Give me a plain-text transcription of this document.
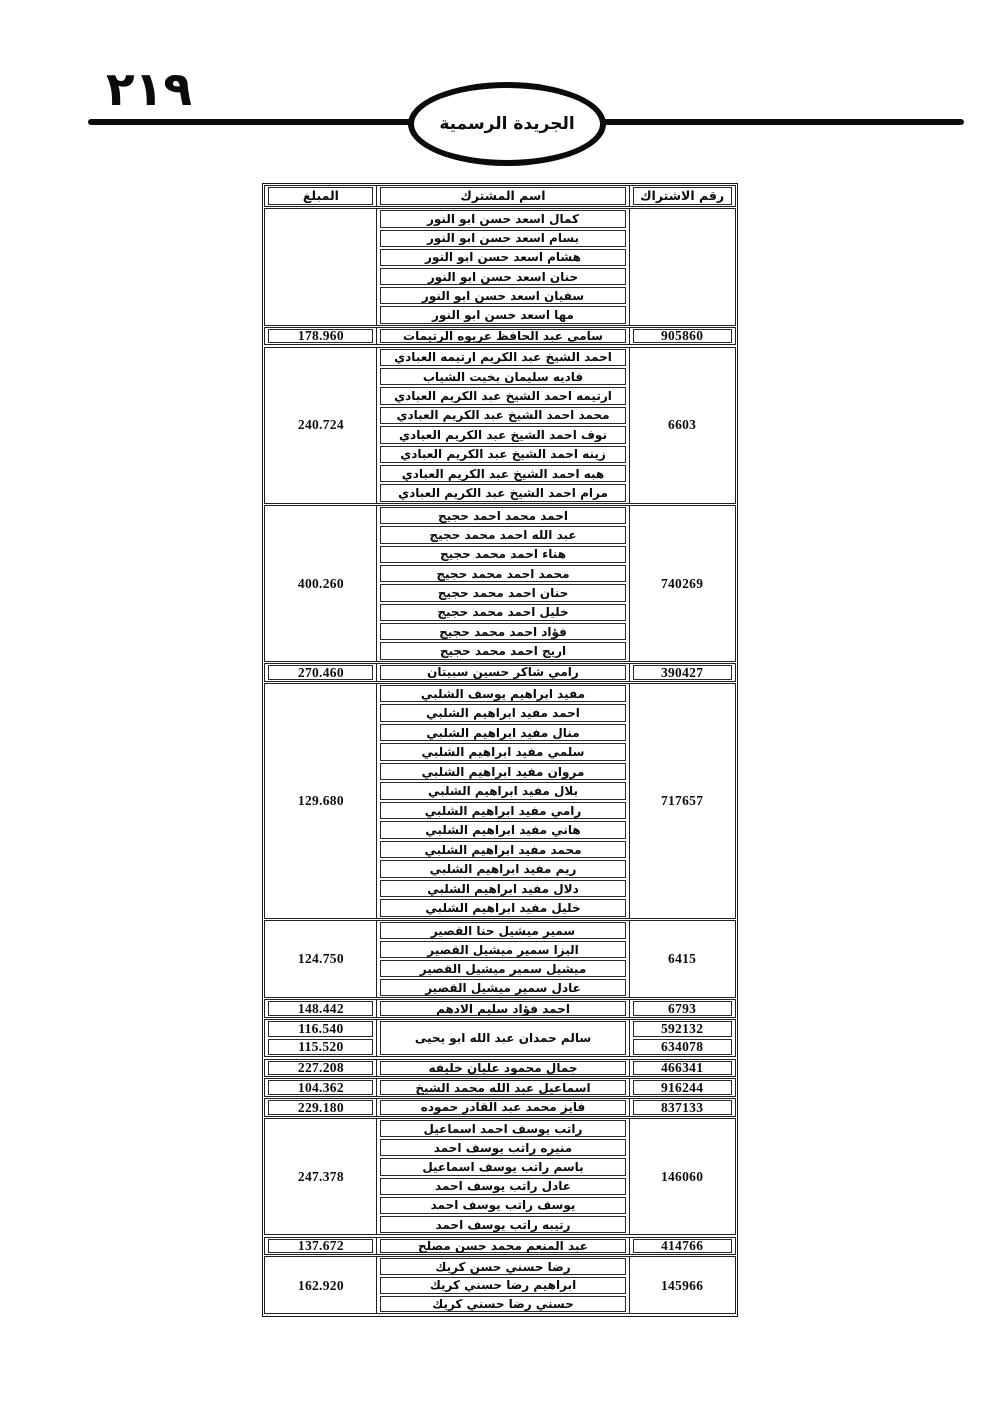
٢١٩
الجريدة الرسمية
رقم الاشتراك
اسم المشترك
المبلغ
كمال اسعد حسن ابو النور
بسام اسعد حسن ابو النور
هشام اسعد حسن ابو النور
حنان اسعد حسن ابو النور
سفيان اسعد حسن ابو النور
مها اسعد حسن ابو النور
905860
سامي عبد الحافظ عريوه الرتيمات
178.960
6603
احمد الشيخ عبد الكريم ارتيمه العبادي
فاديه سليمان بخيت الشياب
ارتيمه احمد الشيخ عبد الكريم العبادي
محمد احمد الشيخ عبد الكريم العبادي
نوف احمد الشيخ عبد الكريم العبادي
زينه احمد الشيخ عبد الكريم العبادي
هبه احمد الشيخ عبد الكريم العبادي
مرام احمد الشيخ عبد الكريم العبادي
240.724
740269
احمد محمد احمد حجيج
عبد الله احمد محمد حجيج
هناء احمد محمد حجيج
محمد احمد محمد حجيج
حنان احمد محمد حجيج
خليل احمد محمد حجيج
فؤاد احمد محمد حجيج
اريج احمد محمد حجيج
400.260
390427
رامي شاكر حسين سبيتان
270.460
717657
مفيد ابراهيم يوسف الشلبي
احمد مفيد ابراهيم الشلبي
منال مفيد ابراهيم الشلبي
سلمي مفيد ابراهيم الشلبي
مروان مفيد ابراهيم الشلبي
بلال مفيد ابراهيم الشلبي
رامي مفيد ابراهيم الشلبي
هاني مفيد ابراهيم الشلبي
محمد مفيد ابراهيم الشلبي
ريم مفيد ابراهيم الشلبي
دلال مفيد ابراهيم الشلبي
خليل مفيد ابراهيم الشلبي
129.680
6415
سمير ميشيل حنا القصير
اليزا سمير ميشيل القصير
ميشيل سمير ميشيل القصير
عادل سمير ميشيل القصير
124.750
6793
احمد فؤاد سليم الادهم
148.442
592132
634078
سالم حمدان عبد الله ابو يحيى
116.540
115.520
466341
جمال محمود عليان خليفه
227.208
916244
اسماعيل عبد الله محمد الشيخ
104.362
837133
فايز محمد عبد القادر حموده
229.180
146060
راتب يوسف احمد اسماعيل
منيره راتب يوسف احمد
باسم راتب يوسف اسماعيل
عادل راتب يوسف احمد
يوسف راتب يوسف احمد
رتيبه راتب يوسف احمد
247.378
414766
عبد المنعم محمد حسن مصلح
137.672
145966
رضا حسني حسن كريك
ابراهيم رضا حسني كريك
حسني رضا حسني كريك
162.920
